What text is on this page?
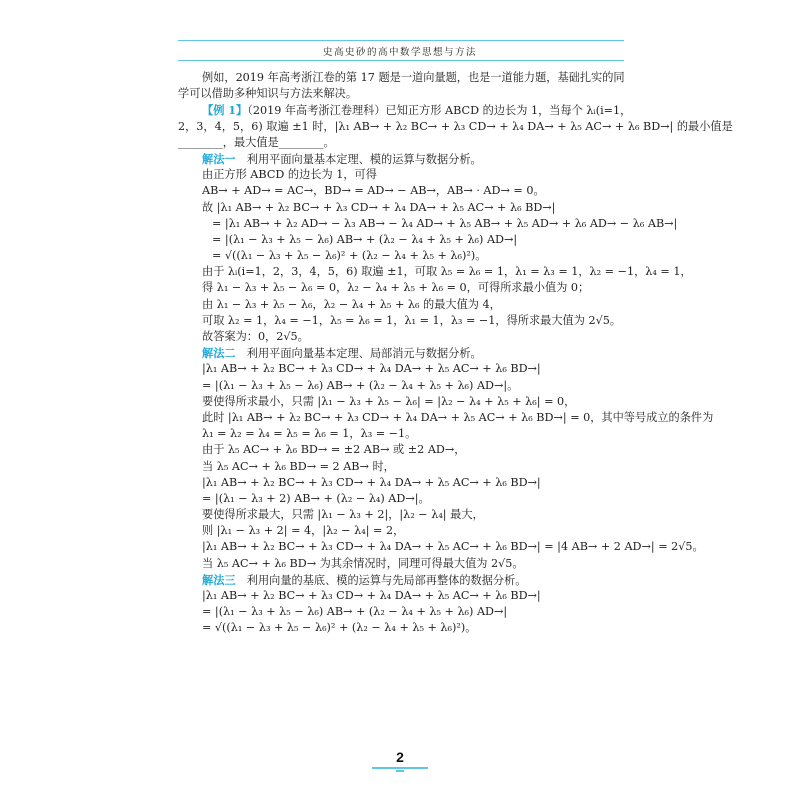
史高史砂的高中数学思想与方法
例如，2019 年高考浙江卷的第 17 题是一道向量题，也是一道能力题，基础扎实的同
学可以借助多种知识与方法来解决。
【例 1】（2019 年高考浙江卷理科）已知正方形 ABCD 的边长为 1，当每个 λᵢ(i=1，
2，3，4，5，6) 取遍 ±1 时，|λ₁ AB→ + λ₂ BC→ + λ₃ CD→ + λ₄ DA→ + λ₅ AC→ + λ₆ BD→| 的最小值是
________，最大值是________。
解法一　利用平面向量基本定理、模的运算与数据分析。
由正方形 ABCD 的边长为 1，可得
AB→ + AD→ = AC→，BD→ = AD→ − AB→，AB→ · AD→ = 0。
故 |λ₁ AB→ + λ₂ BC→ + λ₃ CD→ + λ₄ DA→ + λ₅ AC→ + λ₆ BD→|
= |λ₁ AB→ + λ₂ AD→ − λ₃ AB→ − λ₄ AD→ + λ₅ AB→ + λ₅ AD→ + λ₆ AD→ − λ₆ AB→|
= |(λ₁ − λ₃ + λ₅ − λ₆) AB→ + (λ₂ − λ₄ + λ₅ + λ₆) AD→|
= √((λ₁ − λ₃ + λ₅ − λ₆)² + (λ₂ − λ₄ + λ₅ + λ₆)²)。
由于 λᵢ(i=1，2，3，4，5，6) 取遍 ±1，可取 λ₅ = λ₆ = 1，λ₁ = λ₃ = 1，λ₂ = −1，λ₄ = 1，
得 λ₁ − λ₃ + λ₅ − λ₆ = 0，λ₂ − λ₄ + λ₅ + λ₆ = 0，可得所求最小值为 0；
由 λ₁ − λ₃ + λ₅ − λ₆，λ₂ − λ₄ + λ₅ + λ₆ 的最大值为 4，
可取 λ₂ = 1，λ₄ = −1，λ₅ = λ₆ = 1，λ₁ = 1，λ₃ = −1，得所求最大值为 2√5。
故答案为：0，2√5。
解法二　利用平面向量基本定理、局部消元与数据分析。
|λ₁ AB→ + λ₂ BC→ + λ₃ CD→ + λ₄ DA→ + λ₅ AC→ + λ₆ BD→|
= |(λ₁ − λ₃ + λ₅ − λ₆) AB→ + (λ₂ − λ₄ + λ₅ + λ₆) AD→|。
要使得所求最小，只需 |λ₁ − λ₃ + λ₅ − λ₆| = |λ₂ − λ₄ + λ₅ + λ₆| = 0，
此时 |λ₁ AB→ + λ₂ BC→ + λ₃ CD→ + λ₄ DA→ + λ₅ AC→ + λ₆ BD→| = 0，其中等号成立的条件为
λ₁ = λ₂ = λ₄ = λ₅ = λ₆ = 1，λ₃ = −1。
由于 λ₅ AC→ + λ₆ BD→ = ±2 AB→ 或 ±2 AD→，
当 λ₅ AC→ + λ₆ BD→ = 2 AB→ 时，
|λ₁ AB→ + λ₂ BC→ + λ₃ CD→ + λ₄ DA→ + λ₅ AC→ + λ₆ BD→|
= |(λ₁ − λ₃ + 2) AB→ + (λ₂ − λ₄) AD→|。
要使得所求最大，只需 |λ₁ − λ₃ + 2|，|λ₂ − λ₄| 最大，
则 |λ₁ − λ₃ + 2| = 4，|λ₂ − λ₄| = 2，
|λ₁ AB→ + λ₂ BC→ + λ₃ CD→ + λ₄ DA→ + λ₅ AC→ + λ₆ BD→| = |4 AB→ + 2 AD→| = 2√5。
当 λ₅ AC→ + λ₆ BD→ 为其余情况时，同理可得最大值为 2√5。
解法三　利用向量的基底、模的运算与先局部再整体的数据分析。
|λ₁ AB→ + λ₂ BC→ + λ₃ CD→ + λ₄ DA→ + λ₅ AC→ + λ₆ BD→|
= |(λ₁ − λ₃ + λ₅ − λ₆) AB→ + (λ₂ − λ₄ + λ₅ + λ₆) AD→|
= √((λ₁ − λ₃ + λ₅ − λ₆)² + (λ₂ − λ₄ + λ₅ + λ₆)²)。
2
